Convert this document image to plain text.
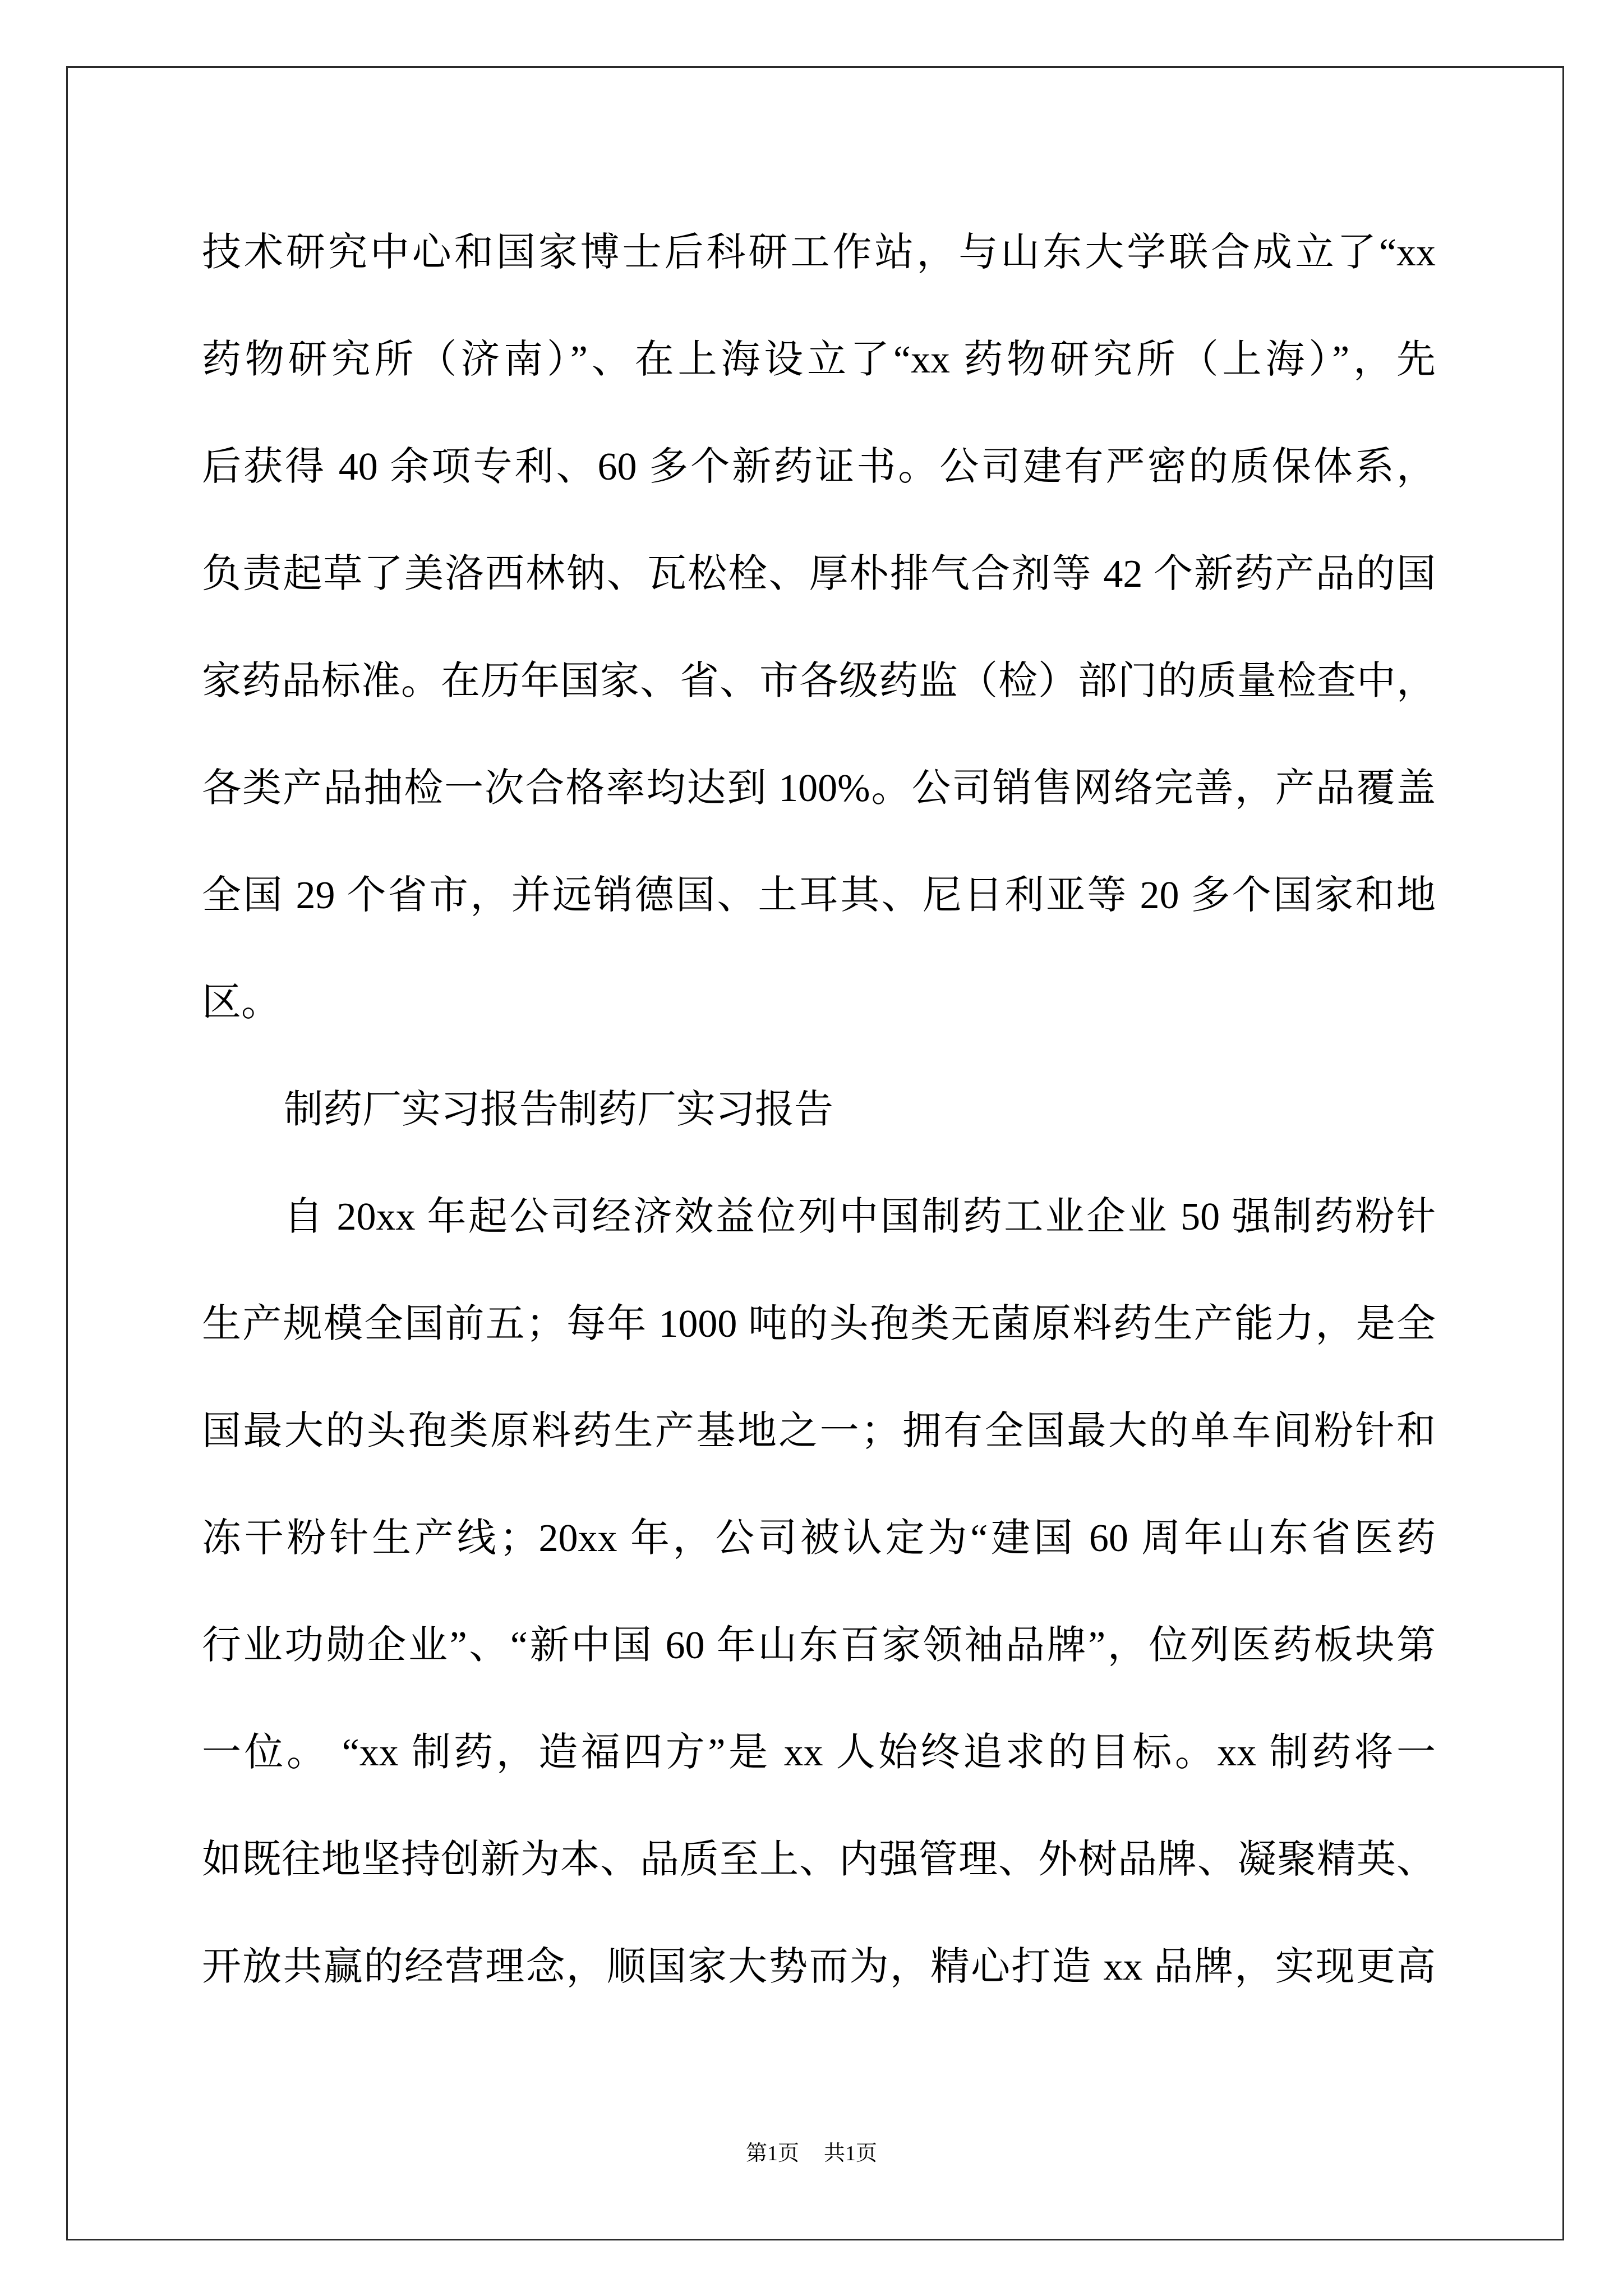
技术研究中心和国家博士后科研工作站，与山东大学联合成立了“xx
药物研究所（济南）”、在上海设立了“xx 药物研究所（上海）”，先
后获得 40 余项专利、60 多个新药证书。公司建有严密的质保体系，
负责起草了美洛西林钠、瓦松栓、厚朴排气合剂等 42 个新药产品的国
家药品标准。在历年国家、省、市各级药监（检）部门的质量检查中，
各类产品抽检一次合格率均达到 100%。公司销售网络完善，产品覆盖
全国 29 个省市，并远销德国、土耳其、尼日利亚等 20 多个国家和地
区。
制药厂实习报告制药厂实习报告
自 20xx 年起公司经济效益位列中国制药工业企业 50 强制药粉针
生产规模全国前五；每年 1000 吨的头孢类无菌原料药生产能力，是全
国最大的头孢类原料药生产基地之一；拥有全国最大的单车间粉针和
冻干粉针生产线；20xx 年，公司被认定为“建国 60 周年山东省医药
行业功勋企业”、“新中国 60 年山东百家领袖品牌”，位列医药板块第
一位。 “xx 制药，造福四方”是 xx 人始终追求的目标。xx 制药将一
如既往地坚持创新为本、品质至上、内强管理、外树品牌、凝聚精英、
开放共赢的经营理念，顺国家大势而为，精心打造 xx 品牌，实现更高
第1页 共1页
